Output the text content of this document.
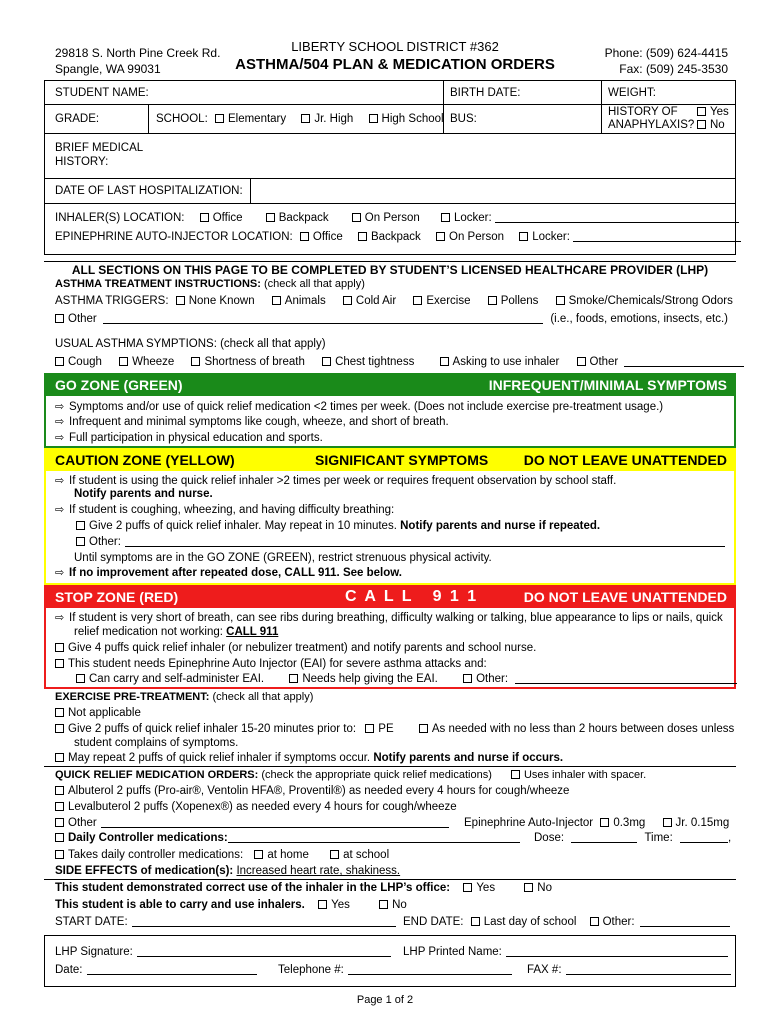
29818 S. North Pine Creek Rd.
Spangle, WA 99031
LIBERTY SCHOOL DISTRICT #362
ASTHMA/504 PLAN & MEDICATION ORDERS
Phone: (509) 624-4415
Fax: (509) 245-3530
STUDENT NAME:	BIRTH DATE:	WEIGHT:
GRADE:	SCHOOL: Elementary Jr. High High School BUS:
HISTORY OF	Yes
ANAPHYLAXIS?	No
BRIEF MEDICAL
HISTORY:
DATE OF LAST HOSPITALIZATION:
INHALER(S) LOCATION: Office	Backpack	On Person	Locker:
EPINEPHRINE AUTO-INJECTOR LOCATION: Office Backpack On Person Locker:
ALL SECTIONS ON THIS PAGE TO BE COMPLETED BY STUDENT’S LICENSED HEALTHCARE PROVIDER (LHP)
ASTHMA TREATMENT INSTRUCTIONS: (check all that apply)
ASTHMA TRIGGERS: None Known	Animals	Cold Air	Exercise	Pollens	Smoke/Chemicals/Strong Odors
Other	(i.e., foods, emotions, insects, etc.)
USUAL ASTHMA SYMPTIONS: (check all that apply)
Cough	Wheeze	Shortness of breath	Chest tightness	Asking to use inhaler	Other
GO ZONE (GREEN)	INFREQUENT/MINIMAL SYMPTOMS
⇨ Symptoms and/or use of quick relief medication <2 times per week. (Does not include exercise pre-treatment usage.)
⇨ Infrequent and minimal symptoms like cough, wheeze, and short of breath.
⇨ Full participation in physical education and sports.
CAUTION ZONE (YELLOW)	SIGNIFICANT SYMPTOMS	DO NOT LEAVE UNATTENDED
⇨ If student is using the quick relief inhaler >2 times per week or requires frequent observation by school staff.
Notify parents and nurse.
⇨ If student is coughing, wheezing, and having difficulty breathing:
Give 2 puffs of quick relief inhaler. May repeat in 10 minutes. Notify parents and nurse if repeated.
Other:
Until symptoms are in the GO ZONE (GREEN), restrict strenuous physical activity.
⇨ If no improvement after repeated dose, CALL 911. See below.
STOP ZONE (RED)	C A L L   9 1 1	DO NOT LEAVE UNATTENDED
⇨ If student is very short of breath, can see ribs during breathing, difficulty walking or talking, blue appearance to lips or nails, quick
relief medication not working: CALL 911
Give 4 puffs quick relief inhaler (or nebulizer treatment) and notify parents and school nurse.
This student needs Epinephrine Auto Injector (EAI) for severe asthma attacks and:
Can carry and self-administer EAI.	Needs help giving the EAI.	Other:
EXERCISE PRE-TREATMENT: (check all that apply)
Not applicable
Give 2 puffs of quick relief inhaler 15-20 minutes prior to: PE	As needed with no less than 2 hours between doses unless
student complains of symptoms.
May repeat 2 puffs of quick relief inhaler if symptoms occur. Notify parents and nurse if occurs.
QUICK RELIEF MEDICATION ORDERS: (check the appropriate quick relief medications)	Uses inhaler with spacer.
Albuterol 2 puffs (Pro-air®, Ventolin HFA®, Proventil®) as needed every 4 hours for cough/wheeze
Levalbuterol 2 puffs (Xopenex®) as needed every 4 hours for cough/wheeze
Other	Epinephrine Auto-Injector 0.3mg	Jr. 0.15mg
Daily Controller medications:	Dose:	Time:	,
Takes daily controller medications: at home	at school
SIDE EFFECTS of medication(s): Increased heart rate, shakiness.
This student demonstrated correct use of the inhaler in the LHP’s office: Yes	No
This student is able to carry and use inhalers. Yes	No
START DATE:	END DATE: Last day of school Other:
LHP Signature:	LHP Printed Name:
Date:	Telephone #:	FAX #:
Page 1 of 2
